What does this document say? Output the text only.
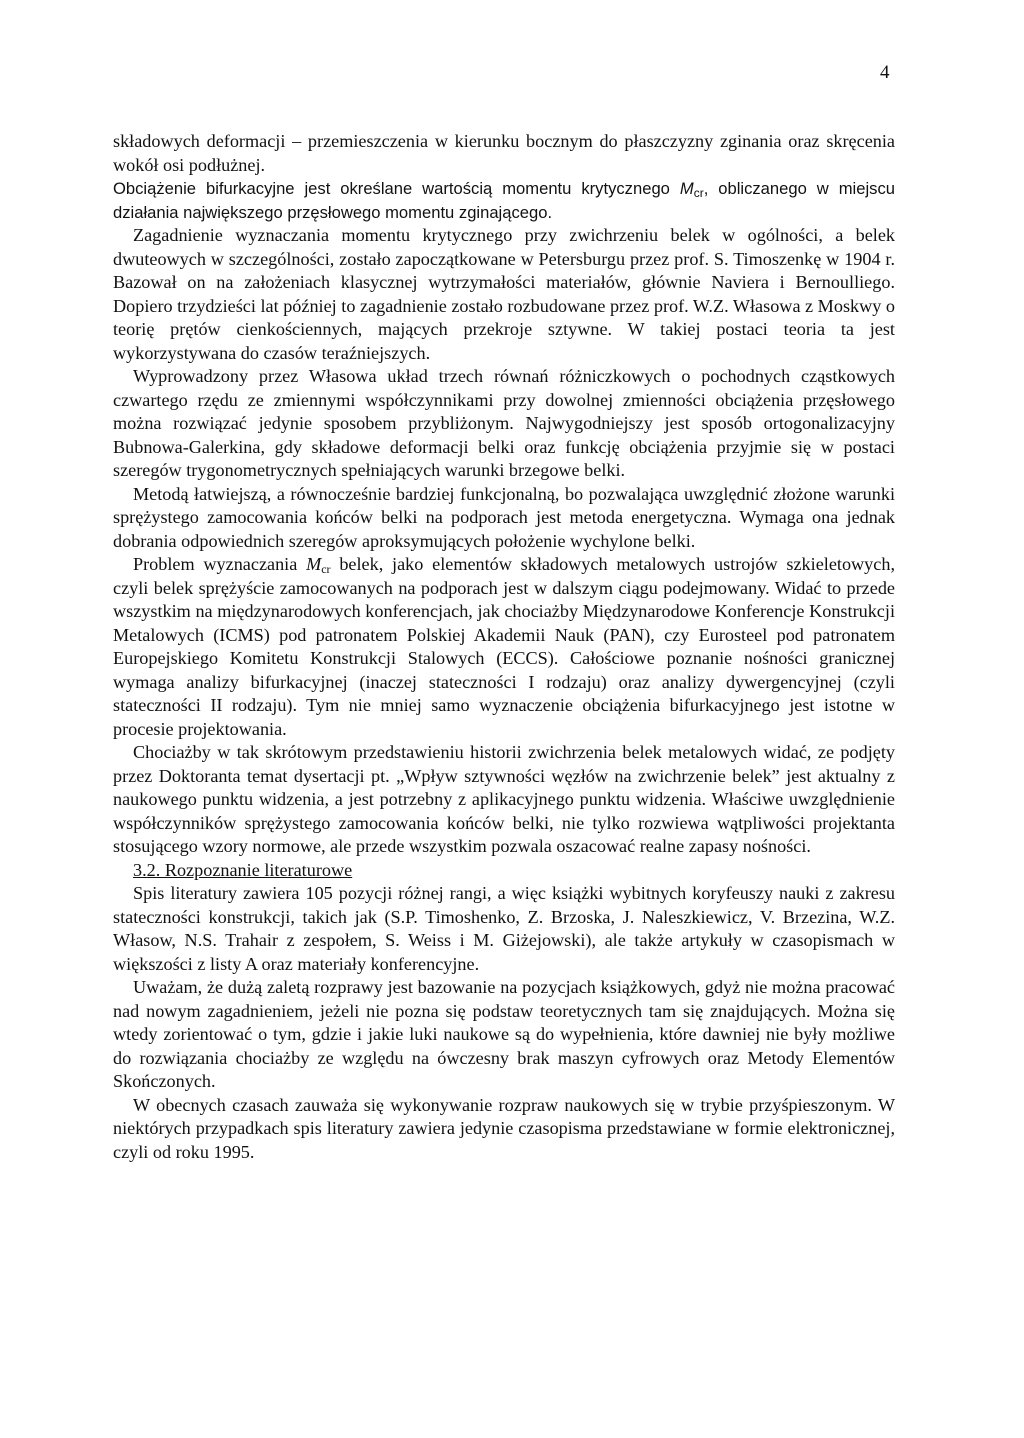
4

składowych deformacji – przemieszczenia w kierunku bocznym do płaszczyzny zginania oraz skręcenia wokół osi podłużnej.

Obciążenie bifurkacyjne jest określane wartością momentu krytycznego $M_{cr}$, obliczanego w miejscu działania największego przęsłowego momentu zginającego.

Zagadnienie wyznaczania momentu krytycznego przy zwichrzeniu belek w ogólności, a belek dwuteowych w szczególności, zostało zapoczątkowane w Petersburgu przez prof. S. Timoszenkę w 1904 r. Bazował on na założeniach klasycznej wytrzymałości materiałów, głównie Naviera i Bernoulliego. Dopiero trzydzieści lat później to zagadnienie zostało rozbudowane przez prof. W.Z. Własowa z Moskwy o teorię prętów cienkościennych, mających przekroje sztywne. W takiej postaci teoria ta jest wykorzystywana do czasów teraźniejszych.

Wyprowadzony przez Własowa układ trzech równań różniczkowych o pochodnych cząstkowych czwartego rzędu ze zmiennymi współczynnikami przy dowolnej zmienności obciążenia przęsłowego można rozwiązać jedynie sposobem przybliżonym. Najwygodniejszy jest sposób ortogonalizacyjny Bubnowa-Galerkina, gdy składowe deformacji belki oraz funkcję obciążenia przyjmie się w postaci szeregów trygonometrycznych spełniających warunki brzegowe belki.

Metodą łatwiejszą, a równocześnie bardziej funkcjonalną, bo pozwalająca uwzględnić złożone warunki sprężystego zamocowania końców belki na podporach jest metoda energetyczna. Wymaga ona jednak dobrania odpowiednich szeregów aproksymujących położenie wychylone belki.

Problem wyznaczania $M_{cr}$ belek, jako elementów składowych metalowych ustrojów szkieletowych, czyli belek sprężyście zamocowanych na podporach jest w dalszym ciągu podejmowany. Widać to przede wszystkim na międzynarodowych konferencjach, jak chociażby Międzynarodowe Konferencje Konstrukcji Metalowych (ICMS) pod patronatem Polskiej Akademii Nauk (PAN), czy Eurosteel pod patronatem Europejskiego Komitetu Konstrukcji Stalowych (ECCS). Całościowe poznanie nośności granicznej wymaga analizy bifurkacyjnej (inaczej stateczności I rodzaju) oraz analizy dywergencyjnej (czyli stateczności II rodzaju). Tym nie mniej samo wyznaczenie obciążenia bifurkacyjnego jest istotne w procesie projektowania.

Chociażby w tak skrótowym przedstawieniu historii zwichrzenia belek metalowych widać, ze podjęty przez Doktoranta temat dysertacji pt. „Wpływ sztywności węzłów na zwichrzenie belek” jest aktualny z naukowego punktu widzenia, a jest potrzebny z aplikacyjnego punktu widzenia. Właściwe uwzględnienie współczynników sprężystego zamocowania końców belki, nie tylko rozwiewa wątpliwości projektanta stosującego wzory normowe, ale przede wszystkim pozwala oszacować realne zapasy nośności.

3.2. Rozpoznanie literaturowe

Spis literatury zawiera 105 pozycji różnej rangi, a więc książki wybitnych koryfeuszy nauki z zakresu stateczności konstrukcji, takich jak (S.P. Timoshenko, Z. Brzoska, J. Naleszkiewicz, V. Brzezina, W.Z. Własow, N.S. Trahair z zespołem, S. Weiss i M. Giżejowski), ale także artykuły w czasopismach w większości z listy A oraz materiały konferencyjne.

Uważam, że dużą zaletą rozprawy jest bazowanie na pozycjach książkowych, gdyż nie można pracować nad nowym zagadnieniem, jeżeli nie pozna się podstaw teoretycznych tam się znajdujących. Można się wtedy zorientować o tym, gdzie i jakie luki naukowe są do wypełnienia, które dawniej nie były możliwe do rozwiązania chociażby ze względu na ówczesny brak maszyn cyfrowych oraz Metody Elementów Skończonych.

W obecnych czasach zauważa się wykonywanie rozpraw naukowych się w trybie przyśpieszonym. W niektórych przypadkach spis literatury zawiera jedynie czasopisma przedstawiane w formie elektronicznej, czyli od roku 1995.
